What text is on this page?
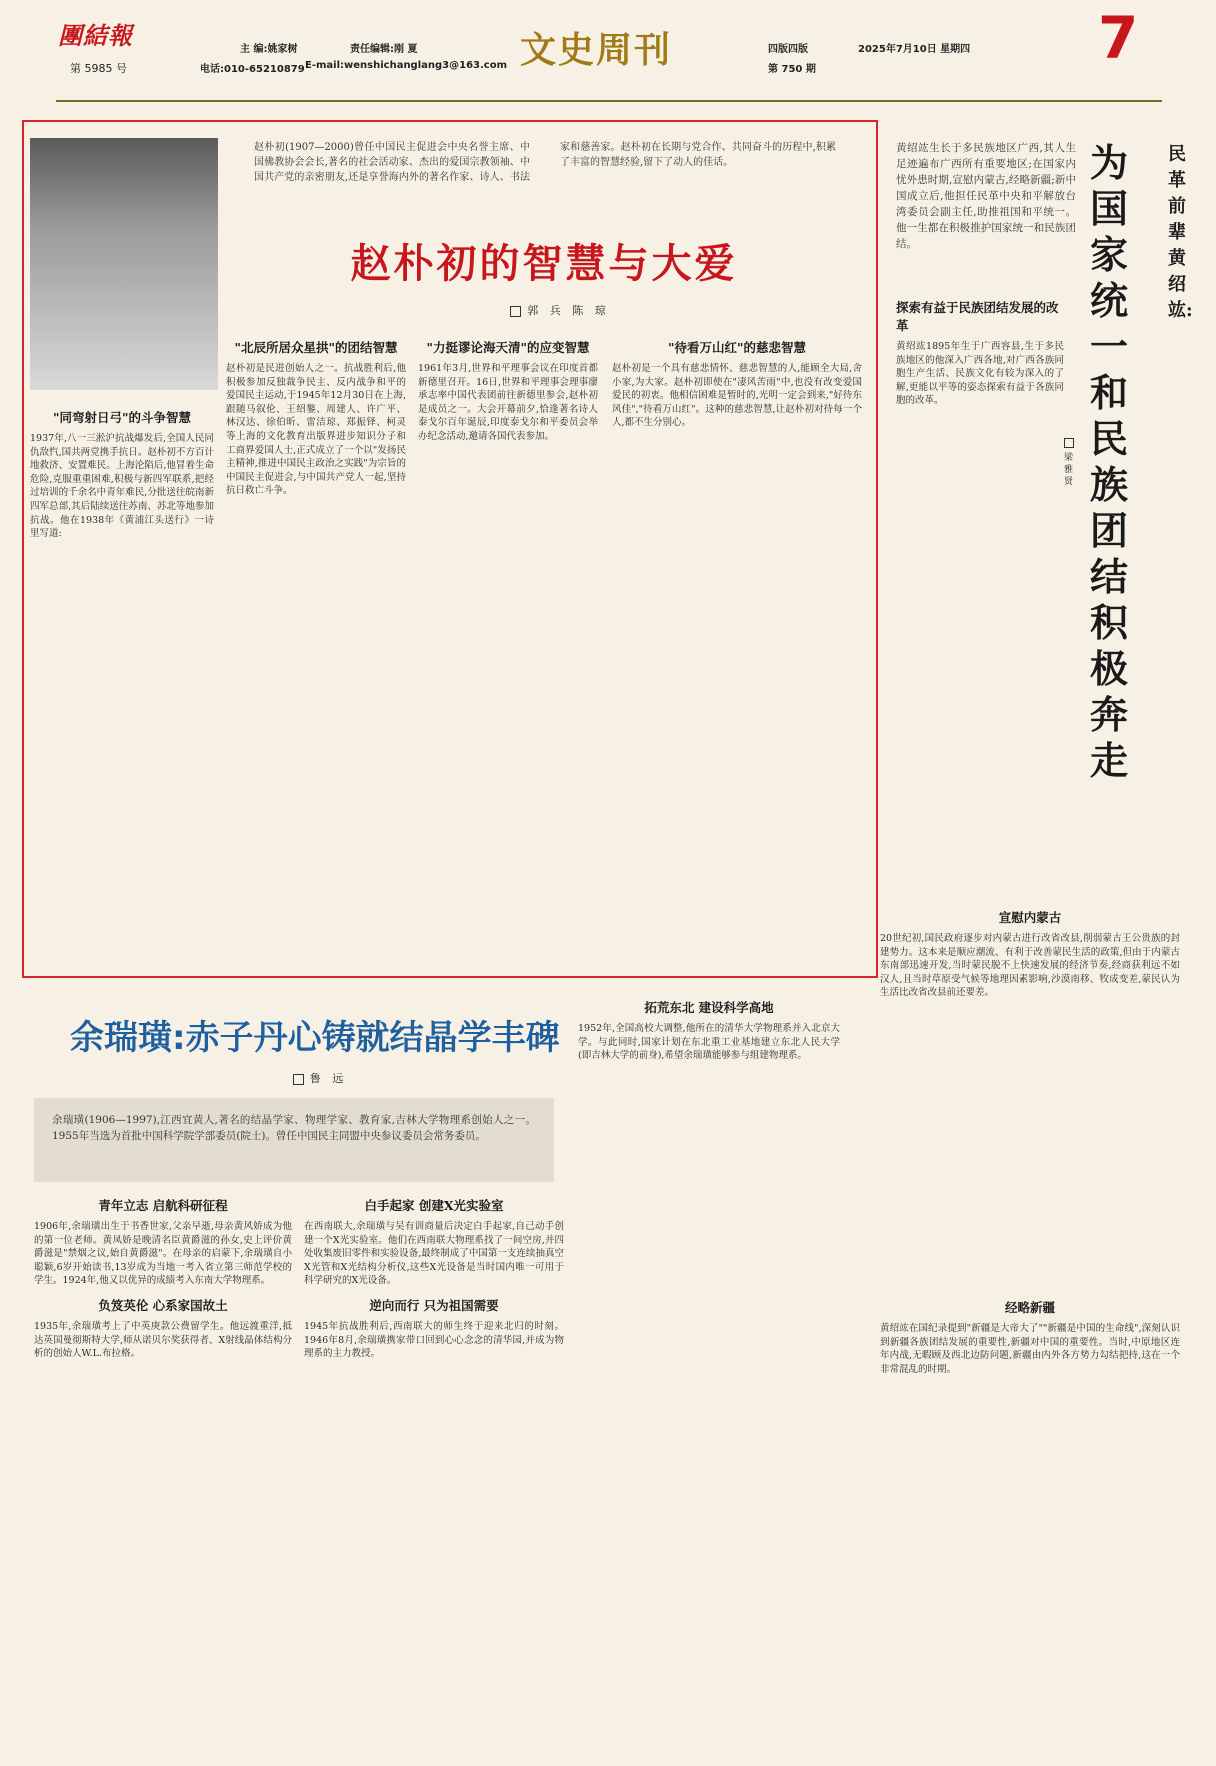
團結報
第 5985 号
主 编:姚家树	责任编辑:刚 夏
电话:010-65210879 E-mail:wenshichanglang3@163.com 文史周刊	四版四版
第 750 期
2025年7月10日 星期四 7
赵朴初(1907—2000)曾任中国民主促进会中央名誉主席、中国佛教协会会长,著名的社会活动家、杰出的爱国宗教领袖、中国共产党的亲密朋友,还是享誉海内外的著名作家、诗人、书法家和慈善家。赵朴初在长期与党合作、共同奋斗的历程中,积累了丰富的智慧经验,留下了动人的佳话。
赵朴初的智慧与大爱
郭 兵 陈 琼
"同弯射日弓"的斗争智慧
1937年,八一三淞沪抗战爆发后,全国人民同仇敌忾,国共两党携手抗日。赵朴初不方百计地救济、安置难民。上海沦陷后,他冒着生命危险,克服重重困难,积极与新四军联系,把经过培训的千余名中青年难民,分批送往皖南新四军总部,其后陆续送往苏南、苏北等地参加抗战。他在1938年《黄浦江头送行》一诗里写道:
"北辰所居众星拱"的团结智慧
赵朴初是民进创始人之一。抗战胜利后,他积极参加反独裁争民主、反内战争和平的爱国民主运动,于1945年12月30日在上海,跟随马叙伦、王绍鏊、周建人、许广平、林汉达、徐伯昕、雷洁琼、郑振铎、柯灵等上海的文化教育出版界进步知识分子和工商界爱国人士,正式成立了一个以"发扬民主精神,推进中国民主政治之实践"为宗旨的中国民主促进会,与中国共产党人一起,坚持抗日救亡斗争。
"力挺谬论海天清"的应变智慧
1961年3月,世界和平理事会议在印度首都新德里召开。16日,世界和平理事会理事廖承志率中国代表团前往新德里参会,赵朴初是成员之一。大会开幕前夕,恰逢著名诗人泰戈尔百年诞辰,印度泰戈尔和平委员会举办纪念活动,邀请各国代表参加。
"待看万山红"的慈悲智慧
赵朴初是一个具有慈悲情怀、慈悲智慧的人,能顾全大局,舍小家,为大家。赵朴初即使在"凄风苦雨"中,也没有改变爱国爱民的初衷。他相信困难是暂时的,光明一定会到来,"好待东风佳","待看万山红"。这种的慈悲智慧,让赵朴初对待每一个人,都不生分别心。
余瑞璜:赤子丹心铸就结晶学丰碑
鲁 远
余瑞璜(1906—1997),江西宜黄人,著名的结晶学家、物理学家、教育家,吉林大学物理系创始人之一。1955年当选为首批中国科学院学部委员(院士)。曾任中国民主同盟中央参议委员会常务委员。
青年立志 启航科研征程
1906年,余瑞璜出生于书香世家,父亲早逝,母亲黄风娇成为他的第一位老师。黄凤娇是晚清名臣黄爵滋的孙女,史上评价黄爵滋是"禁烟之议,始自黄爵滋"。在母亲的启蒙下,余瑞璜自小聪颖,6岁开始读书,13岁成为当地一考入省立第三师范学校的学生。1924年,他又以优异的成绩考入东南大学物理系。
负笈英伦 心系家国故土
1935年,余瑞璜考上了中英庚款公费留学生。他远渡重洋,抵达英国曼彻斯特大学,师从诺贝尔奖获得者、X射线晶体结构分析的创始人W.L.布拉格。
白手起家 创建X光实验室
在西南联大,余瑞璜与吴有训商量后决定白手起家,自己动手创建一个X光实验室。他们在西南联大物理系找了一间空房,并四处收集废旧零件和实验设备,最终制成了中国第一支连续抽真空X光管和X光结构分析仪,这些X光设备是当时国内唯一可用于科学研究的X光设备。
逆向而行 只为祖国需要
1945年抗战胜利后,西南联大的师生终于迎来北归的时刻。1946年8月,余瑞璜携家带口回到心心念念的清华园,并成为物理系的主力教授。
拓荒东北 建设科学高地
1952年,全国高校大调整,他所在的清华大学物理系并入北京大学。与此同时,国家计划在东北重工业基地建立东北人民大学(即吉林大学的前身),希望余瑞璜能够参与组建物理系。
黄绍竑生长于多民族地区广西,其人生足迹遍布广西所有重要地区;在国家内忧外患时期,宣慰内蒙古,经略新疆;新中国成立后,他担任民革中央和平解放台湾委员会副主任,助推祖国和平统一。他一生都在积极推护国家统一和民族团结。
民革前辈黄绍竑:
为国家统一和民族团结积极奔走
梁雅贤
探索有益于民族团结发展的改革
黄绍竑1895年生于广西容县,生于多民族地区的他深入广西各地,对广西各族同胞生产生活、民族文化有较为深入的了解,更能以平等的姿态探索有益于各族同胞的改革。
宣慰内蒙古
20世纪初,国民政府逐步对内蒙古进行改省改县,削弱蒙古王公贵族的封建势力。这本来是顺应潮流、有利于改善蒙民生活的政策,但由于内蒙古东南部迅速开发,当时蒙民脱不上快速发展的经济节奏,经商获利远不如汉人,且当时草原受气候等地理因素影响,沙漠南移、牧成变差,蒙民认为生活比改省改县前还要差。
经略新疆
黄绍竑在国纪录提到"新疆是大帝大了""新疆是中国的生命线",深刻认识到新疆各族团结发展的重要性,新疆对中国的重要性。当时,中原地区连年内战,无暇顾及西北边防问题,新疆由内外各方势力勾结把持,这在一个非常混乱的时期。
